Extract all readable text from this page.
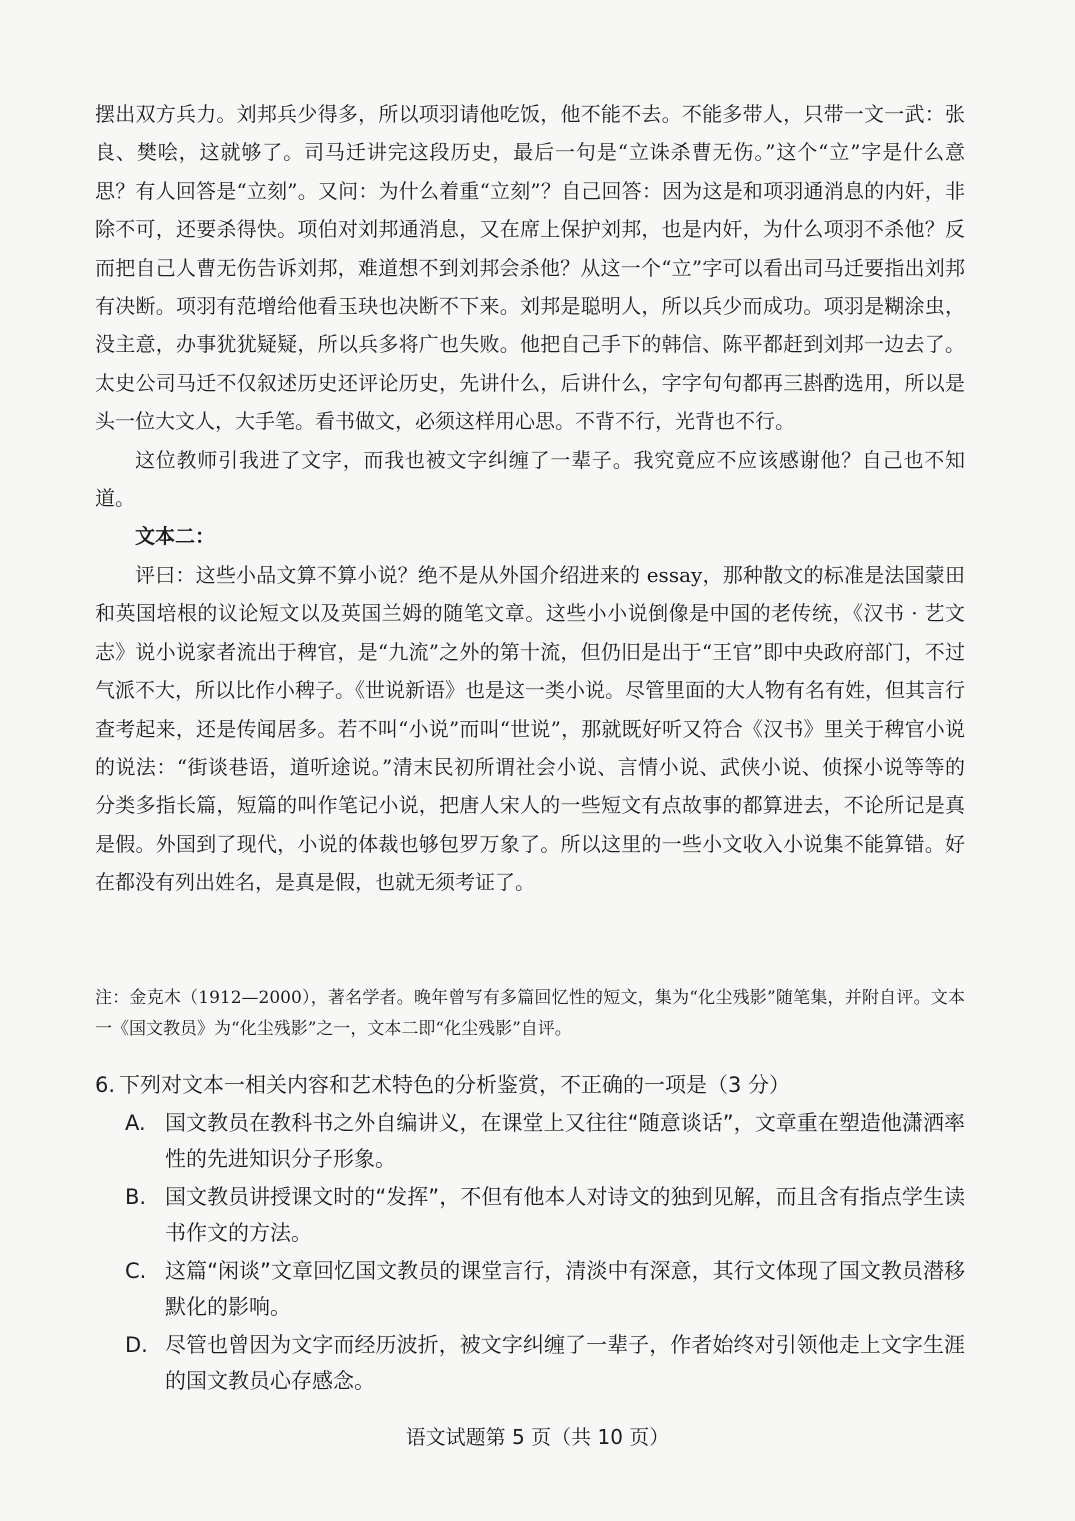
摆出双方兵力。刘邦兵少得多，所以项羽请他吃饭，他不能不去。不能多带人，只带一文一武：张良、樊哙，这就够了。司马迁讲完这段历史，最后一句是“立诛杀曹无伤。”这个“立”字是什么意思？有人回答是“立刻”。又问：为什么着重“立刻”？自己回答：因为这是和项羽通消息的内奸，非除不可，还要杀得快。项伯对刘邦通消息，又在席上保护刘邦，也是内奸，为什么项羽不杀他？反而把自己人曹无伤告诉刘邦，难道想不到刘邦会杀他？从这一个“立”字可以看出司马迁要指出刘邦有决断。项羽有范增给他看玉玦也决断不下来。刘邦是聪明人，所以兵少而成功。项羽是糊涂虫，没主意，办事犹犹疑疑，所以兵多将广也失败。他把自己手下的韩信、陈平都赶到刘邦一边去了。太史公司马迁不仅叙述历史还评论历史，先讲什么，后讲什么，字字句句都再三斟酌选用，所以是头一位大文人，大手笔。看书做文，必须这样用心思。不背不行，光背也不行。

这位教师引我进了文字，而我也被文字纠缠了一辈子。我究竟应不应该感谢他？自己也不知道。

文本二：

评曰：这些小品文算不算小说？绝不是从外国介绍进来的 essay，那种散文的标准是法国蒙田和英国培根的议论短文以及英国兰姆的随笔文章。这些小小说倒像是中国的老传统，《汉书 · 艺文志》说小说家者流出于稗官，是“九流”之外的第十流，但仍旧是出于“王官”即中央政府部门，不过气派不大，所以比作小稗子。《世说新语》也是这一类小说。尽管里面的大人物有名有姓，但其言行查考起来，还是传闻居多。若不叫“小说”而叫“世说”，那就既好听又符合《汉书》里关于稗官小说的说法：“街谈巷语，道听途说。”清末民初所谓社会小说、言情小说、武侠小说、侦探小说等等的分类多指长篇，短篇的叫作笔记小说，把唐人宋人的一些短文有点故事的都算进去，不论所记是真是假。外国到了现代，小说的体裁也够包罗万象了。所以这里的一些小文收入小说集不能算错。好在都没有列出姓名，是真是假，也就无须考证了。

注：金克木（1912—2000），著名学者。晚年曾写有多篇回忆性的短文，集为“化尘残影”随笔集，并附自评。文本一《国文教员》为“化尘残影”之一，文本二即“化尘残影”自评。

6. 下列对文本一相关内容和艺术特色的分析鉴赏，不正确的一项是（3 分）
A. 国文教员在教科书之外自编讲义，在课堂上又往往“随意谈话”，文章重在塑造他潇洒率性的先进知识分子形象。
B. 国文教员讲授课文时的“发挥”，不但有他本人对诗文的独到见解，而且含有指点学生读书作文的方法。
C. 这篇“闲谈”文章回忆国文教员的课堂言行，清淡中有深意，其行文体现了国文教员潜移默化的影响。
D. 尽管也曾因为文字而经历波折，被文字纠缠了一辈子，作者始终对引领他走上文字生涯的国文教员心存感念。
语文试题第 5 页（共 10 页）
